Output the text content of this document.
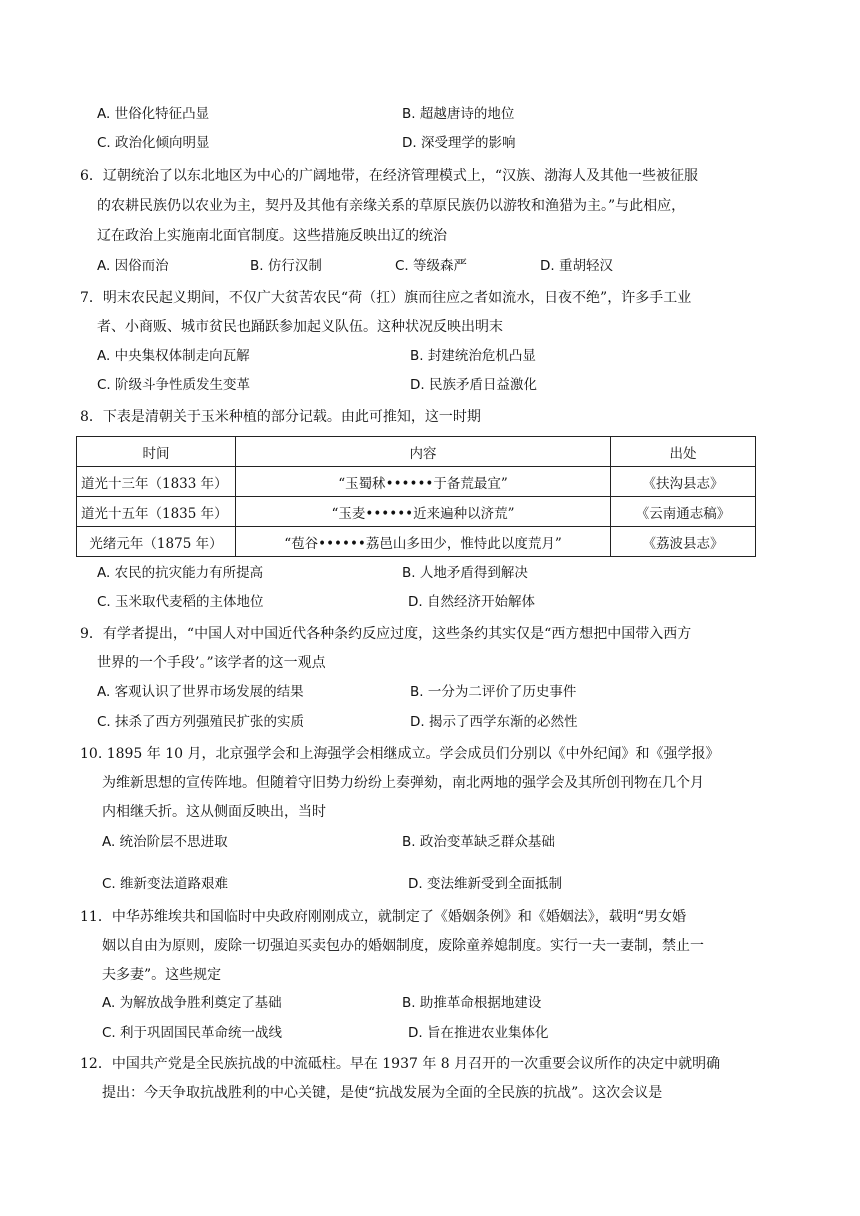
A. 世俗化特征凸显	B. 超越唐诗的地位
C. 政治化倾向明显	D. 深受理学的影响
6．辽朝统治了以东北地区为中心的广阔地带，在经济管理模式上，“汉族、渤海人及其他一些被征服
的农耕民族仍以农业为主，契丹及其他有亲缘关系的草原民族仍以游牧和渔猎为主。”与此相应，
辽在政治上实施南北面官制度。这些措施反映出辽的统治
A. 因俗而治	B. 仿行汉制	C. 等级森严	D. 重胡轻汉
7．明末农民起义期间，不仅广大贫苦农民“荷（扛）旗而往应之者如流水，日夜不绝”，许多手工业
者、小商贩、城市贫民也踊跃参加起义队伍。这种状况反映出明末
A. 中央集权体制走向瓦解	B. 封建统治危机凸显
C. 阶级斗争性质发生变革	D. 民族矛盾日益激化
8．下表是清朝关于玉米种植的部分记载。由此可推知，这一时期
时间	内容	出处
道光十三年（1833 年）	“玉蜀秫••••••于备荒最宜”	《扶沟县志》
道光十五年（1835 年）	“玉麦••••••近来遍种以济荒”	《云南通志稿》
光绪元年（1875 年）	“苞谷••••••荔邑山多田少，惟恃此以度荒月”	《荔波县志》
A. 农民的抗灾能力有所提高	B. 人地矛盾得到解决
C. 玉米取代麦稻的主体地位	D. 自然经济开始解体
9．有学者提出，“中国人对中国近代各种条约反应过度，这些条约其实仅是“西方想把中国带入西方
世界的一个手段’。”该学者的这一观点
A. 客观认识了世界市场发展的结果	B. 一分为二评价了历史事件
C. 抹杀了西方列强殖民扩张的实质	D. 揭示了西学东渐的必然性
10. 1895 年 10 月，北京强学会和上海强学会相继成立。学会成员们分别以《中外纪闻》和《强学报》
为维新思想的宣传阵地。但随着守旧势力纷纷上奏弹劾，南北两地的强学会及其所创刊物在几个月
内相继夭折。这从侧面反映出，当时
A. 统治阶层不思进取	B. 政治变革缺乏群众基础
C. 维新变法道路艰难	D. 变法维新受到全面抵制
11．中华苏维埃共和国临时中央政府刚刚成立，就制定了《婚姻条例》和《婚姻法》，载明“男女婚
姻以自由为原则，废除一切强迫买卖包办的婚姻制度，废除童养媳制度。实行一夫一妻制，禁止一
夫多妻”。这些规定
A. 为解放战争胜利奠定了基础	B. 助推革命根据地建设
C. 利于巩固国民革命统一战线	D. 旨在推进农业集体化
12．中国共产党是全民族抗战的中流砥柱。早在 1937 年 8 月召开的一次重要会议所作的决定中就明确
提出：今天争取抗战胜利的中心关键，是使“抗战发展为全面的全民族的抗战”。这次会议是
